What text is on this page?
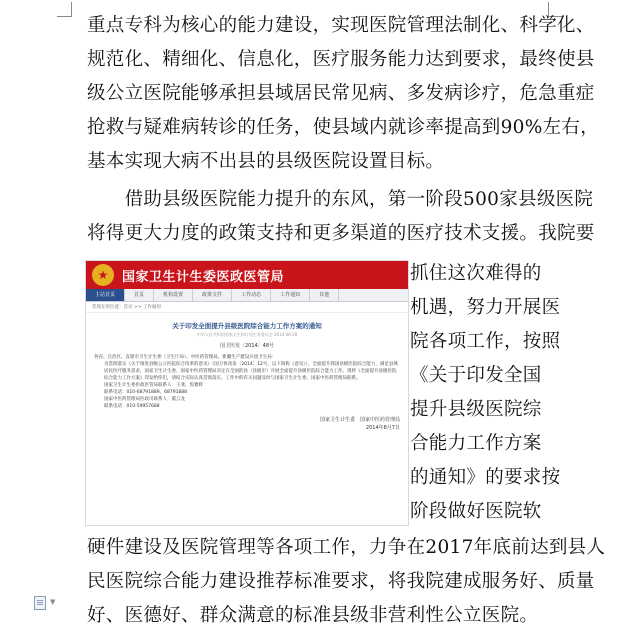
重点专科为核心的能力建设，实现医院管理法制化、科学化、
规范化、精细化、信息化，医疗服务能力达到要求，最终使县
级公立医院能够承担县域居民常见病、多发病诊疗，危急重症
抢救与疑难病转诊的任务，使县域内就诊率提高到90%左右，
基本实现大病不出县的县级医院设置目标。
　　借助县级医院能力提升的东风，第一阶段500家县级医院
将得更大力度的政策支持和更多渠道的医疗技术支援。我院要
★	国家卫生计生委医政医管局
主站首页	首页	机构设置	政策文件	工作动态	工作通知	其他
您现在的位置：首页 >> 工作通知
关于印发全面提升县级医院综合能力工作方案的通知
中华人民共和国国家卫生和计划生育委员会 2014-08-28
国卫医发〔2014〕48号

各省、自治区、直辖市卫生计生委（卫生厅局）、中医药管理局，新疆生产建设兵团卫生局：

为贯彻落实《关于推进县级公立医院综合改革的意见》（国卫体改发〔2014〕12号，以下简称《意见》），全面提升我国县级医院综合能力，满足县域居民医疗服务需求，国家卫生计生委、国家中医药管理局决定在全国的县（县级市）开展全面提升县级医院综合能力工作。现将《全面提升县级医院综合能力工作方案》印发给你们，请结合实际认真贯彻落实。工作中的有关问题及时与国家卫生计生委、国家中医药管理局联系。

国家卫生计生委医政医管局联系人：王斐、焦雅辉

联系电话：010-68791889、68791888

国家中医药管理局医政司联系人：董云龙

联系电话：010-59957688

国家卫生计生委　国家中医药管理局
2014年8月7日
抓住这次难得的
机遇，努力开展医
院各项工作，按照
《关于印发全国
提升县级医院综
合能力工作方案
的通知》的要求按
阶段做好医院软
硬件建设及医院管理等各项工作，力争在2017年底前达到县人
民医院综合能力建设推荐标准要求，将我院建成服务好、质量
好、医德好、群众满意的标准县级非营利性公立医院。
▼
